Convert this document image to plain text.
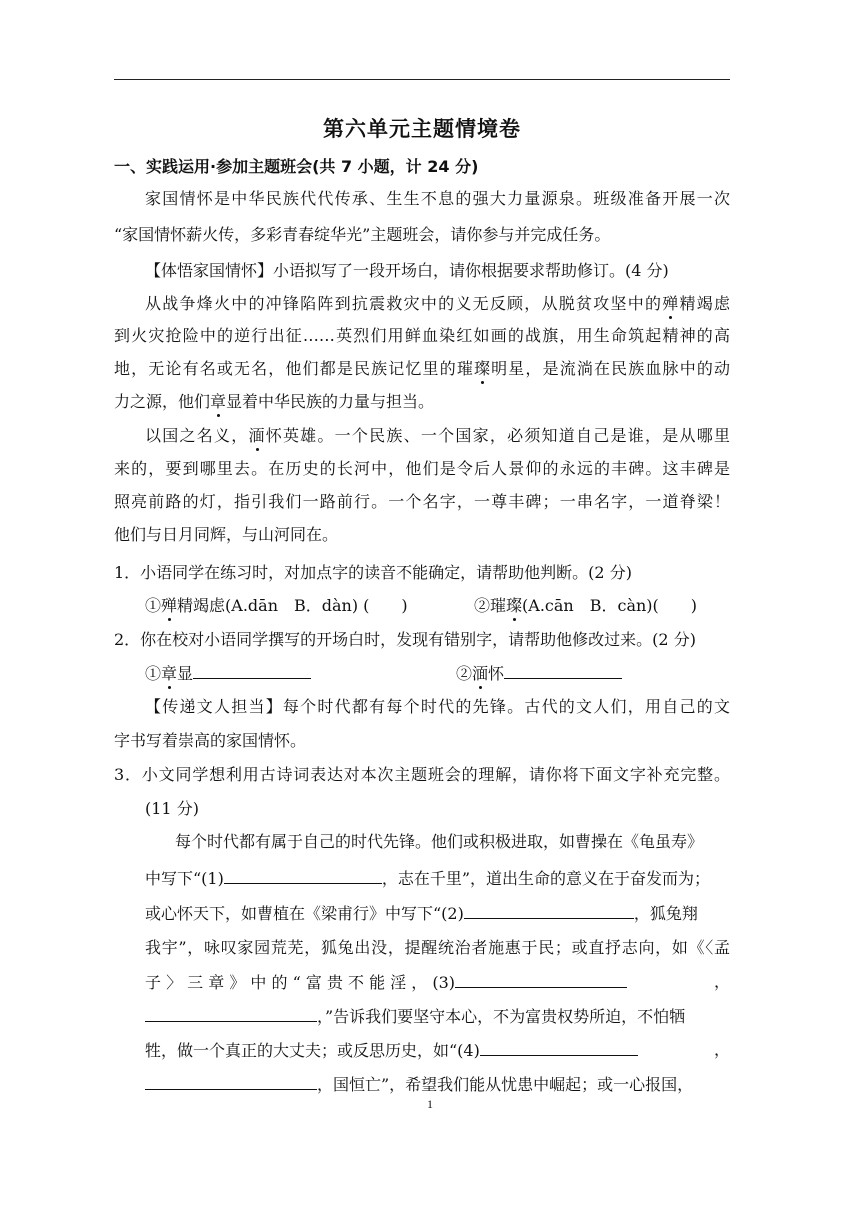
第六单元主题情境卷
一、实践运用·参加主题班会(共 7 小题，计 24 分)
家国情怀是中华民族代代传承、生生不息的强大力量源泉。班级准备开展一次
“家国情怀薪火传，多彩青春绽华光”主题班会，请你参与并完成任务。
【体悟家国情怀】小语拟写了一段开场白，请你根据要求帮助修订。(4 分)
从战争烽火中的冲锋陷阵到抗震救灾中的义无反顾，从脱贫攻坚中的殚精竭虑
到火灾抢险中的逆行出征……英烈们用鲜血染红如画的战旗，用生命筑起精神的高
地，无论有名或无名，他们都是民族记忆里的璀璨明星，是流淌在民族血脉中的动
力之源，他们章显着中华民族的力量与担当。
以国之名义，湎怀英雄。一个民族、一个国家，必须知道自己是谁，是从哪里
来的，要到哪里去。在历史的长河中，他们是令后人景仰的永远的丰碑。这丰碑是
照亮前路的灯，指引我们一路前行。一个名字，一尊丰碑；一串名字，一道脊梁！
他们与日月同辉，与山河同在。
1．小语同学在练习时，对加点字的读音不能确定，请帮助他判断。(2 分)
①殚精竭虑(A.dān　B．dàn) (　　)	②璀璨(A.cān　B．càn)(　　)
2．你在校对小语同学撰写的开场白时，发现有错别字，请帮助他修改过来。(2 分)
①章显	②湎怀
【传递文人担当】每个时代都有每个时代的先锋。古代的文人们，用自己的文
字书写着崇高的家国情怀。
3．小文同学想利用古诗词表达对本次主题班会的理解，请你将下面文字补充完整。
(11 分)
每个时代都有属于自己的时代先锋。他们或积极进取，如曹操在《龟虽寿》
中写下“(1)	，志在千里”，道出生命的意义在于奋发而为；
或心怀天下，如曹植在《梁甫行》中写下“(2)	，狐兔翔
我宇”，咏叹家园荒芜，狐兔出没，提醒统治者施惠于民；或直抒志向，如《〈孟
子 〉 三 章 》 中 的 “ 富 贵 不 能 淫 ， (3)	，
，”告诉我们要坚守本心，不为富贵权势所迫，不怕牺
牲，做一个真正的大丈夫；或反思历史，如“(4)	，
，国恒亡”，希望我们能从忧患中崛起；或一心报国，
1
